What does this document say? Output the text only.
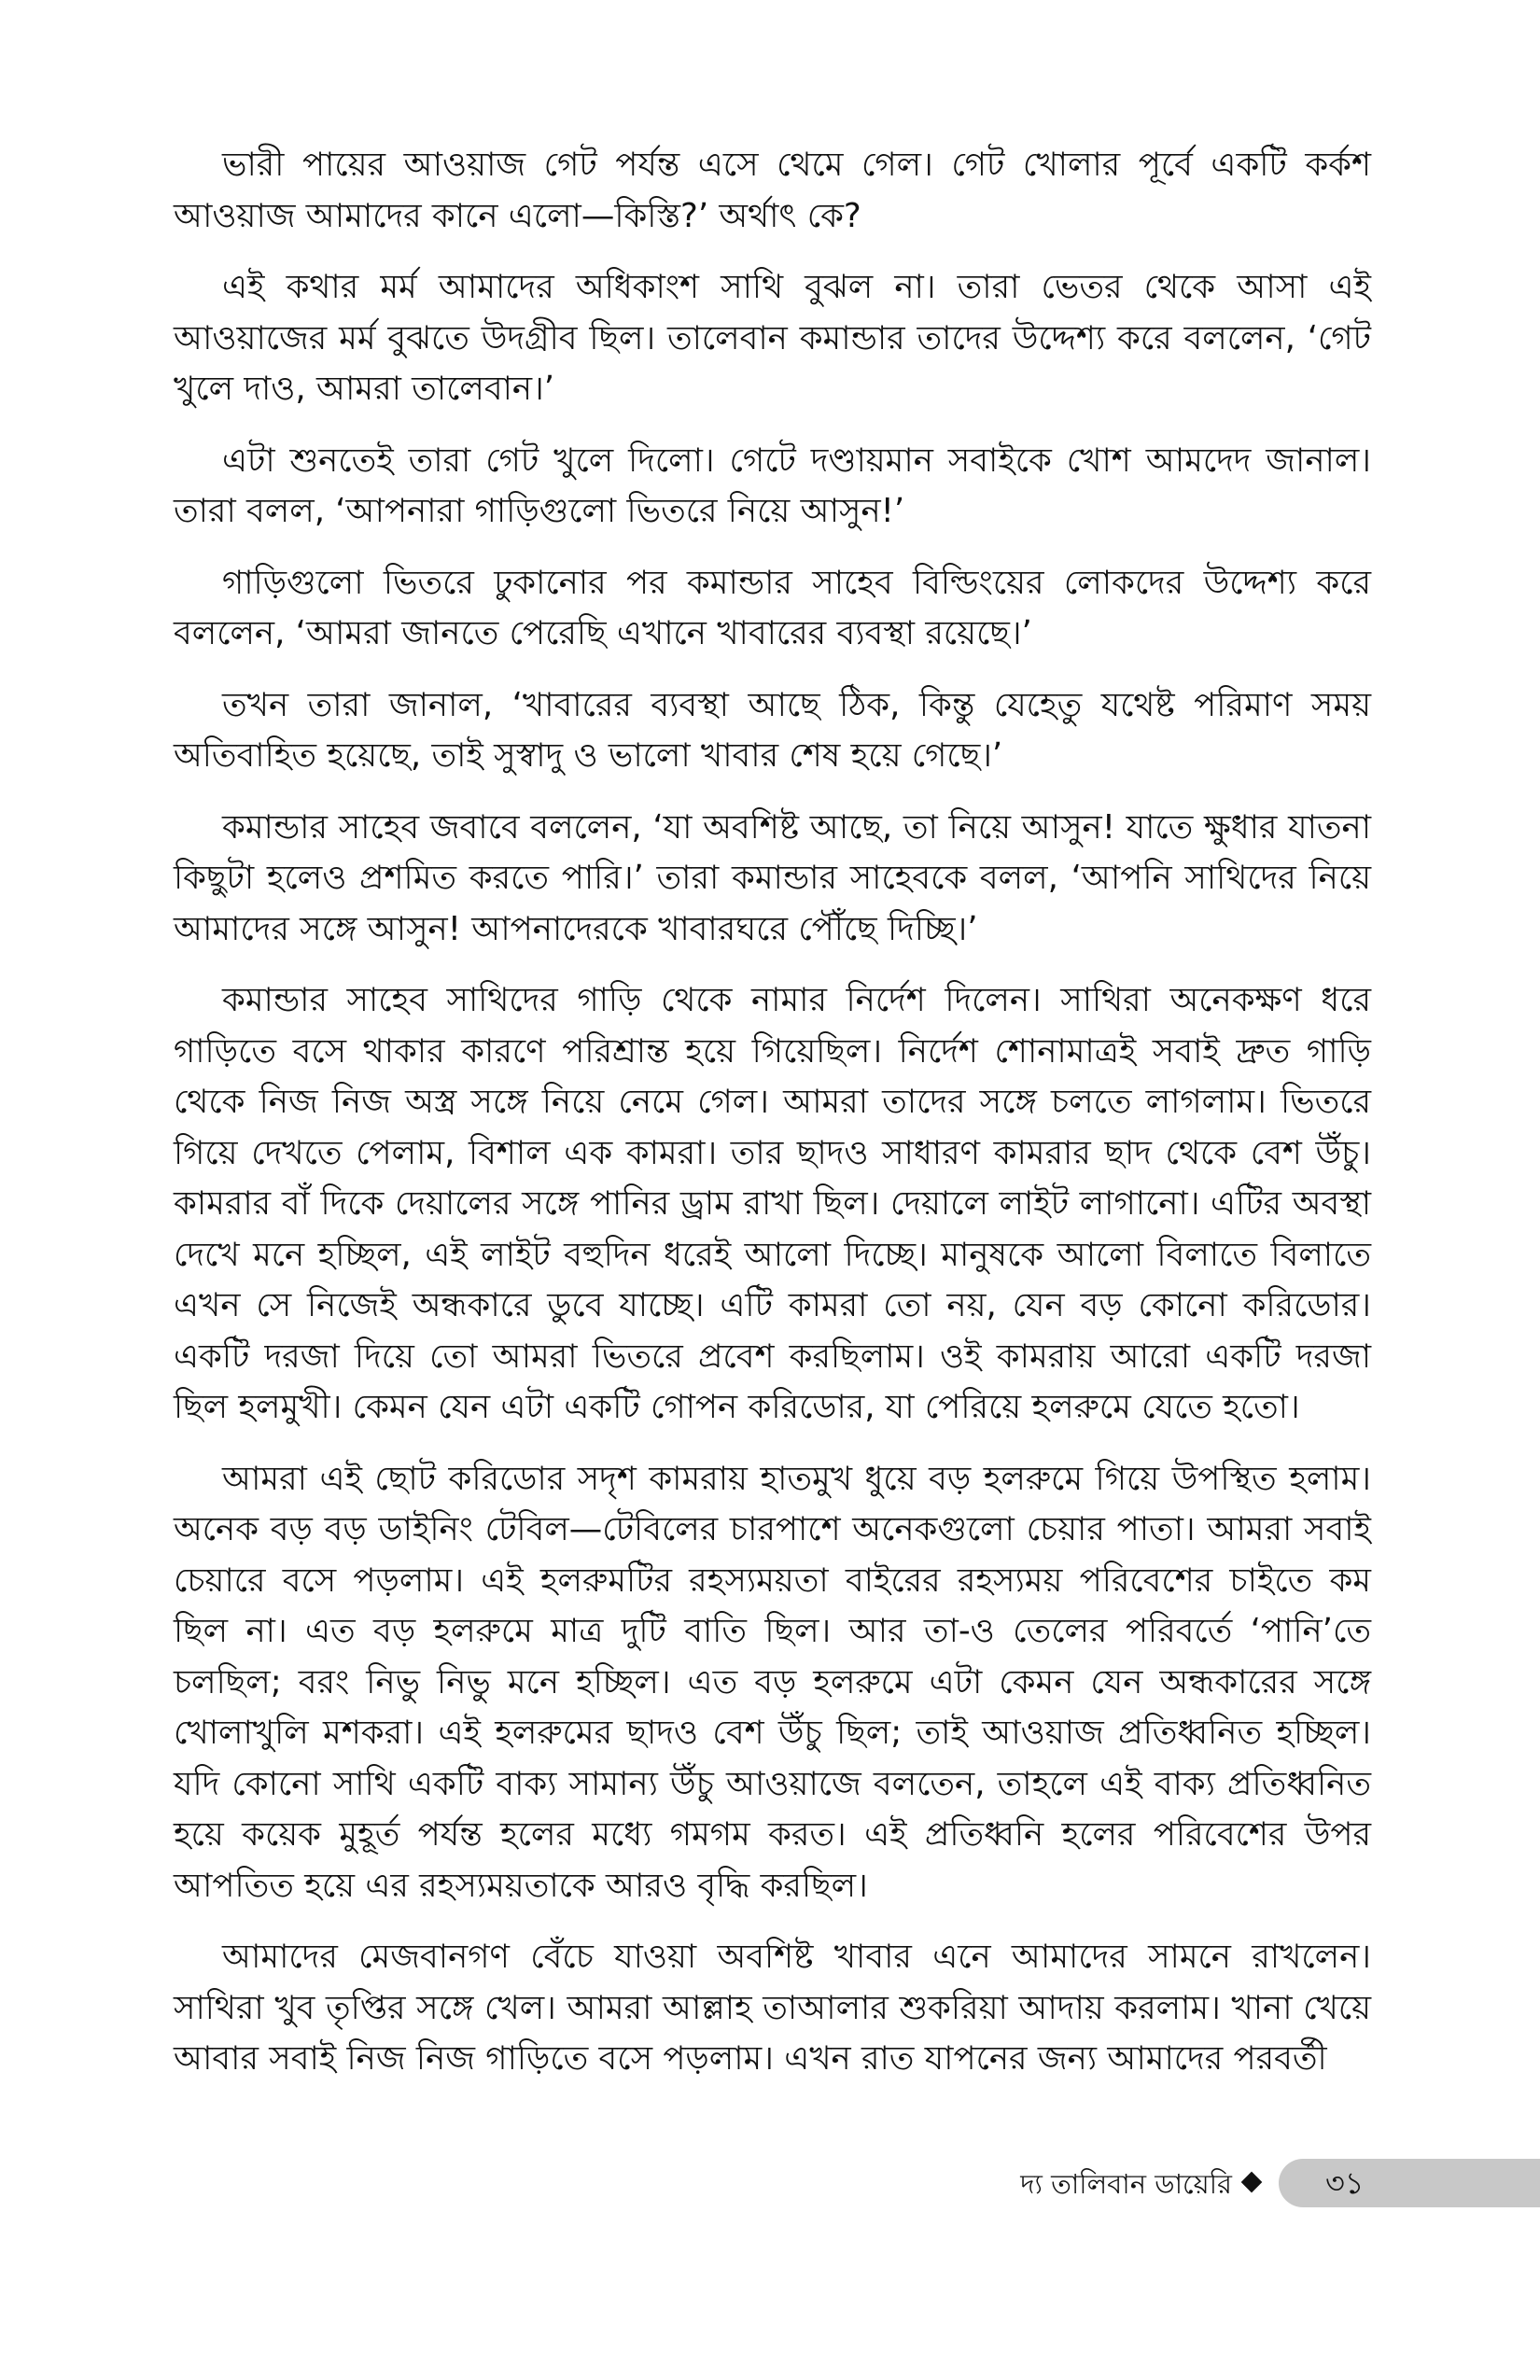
ভারী পায়ের আওয়াজ গেট পর্যন্ত এসে থেমে গেল। গেট খোলার পূর্বে একটি কর্কশ আওয়াজ আমাদের কানে এলো—কিস্তি?’ অর্থাৎ কে?

এই কথার মর্ম আমাদের অধিকাংশ সাথি বুঝল না। তারা ভেতর থেকে আসা এই আওয়াজের মর্ম বুঝতে উদগ্রীব ছিল। তালেবান কমান্ডার তাদের উদ্দেশ্য করে বললেন, ‘গেট খুলে দাও, আমরা তালেবান।’

এটা শুনতেই তারা গেট খুলে দিলো। গেটে দণ্ডায়মান সবাইকে খোশ আমদেদ জানাল। তারা বলল, ‘আপনারা গাড়িগুলো ভিতরে নিয়ে আসুন!’

গাড়িগুলো ভিতরে ঢুকানোর পর কমান্ডার সাহেব বিল্ডিংয়ের লোকদের উদ্দেশ্য করে বললেন, ‘আমরা জানতে পেরেছি এখানে খাবারের ব্যবস্থা রয়েছে।’

তখন তারা জানাল, ‘খাবারের ব্যবস্থা আছে ঠিক, কিন্তু যেহেতু যথেষ্ট পরিমাণ সময় অতিবাহিত হয়েছে, তাই সুস্বাদু ও ভালো খাবার শেষ হয়ে গেছে।’

কমান্ডার সাহেব জবাবে বললেন, ‘যা অবশিষ্ট আছে, তা নিয়ে আসুন! যাতে ক্ষুধার যাতনা কিছুটা হলেও প্রশমিত করতে পারি।’ তারা কমান্ডার সাহেবকে বলল, ‘আপনি সাথিদের নিয়ে আমাদের সঙ্গে আসুন! আপনাদেরকে খাবারঘরে পৌঁছে দিচ্ছি।’

কমান্ডার সাহেব সাথিদের গাড়ি থেকে নামার নির্দেশ দিলেন। সাথিরা অনেকক্ষণ ধরে গাড়িতে বসে থাকার কারণে পরিশ্রান্ত হয়ে গিয়েছিল। নির্দেশ শোনামাত্রই সবাই দ্রুত গাড়ি থেকে নিজ নিজ অস্ত্র সঙ্গে নিয়ে নেমে গেল। আমরা তাদের সঙ্গে চলতে লাগলাম। ভিতরে গিয়ে দেখতে পেলাম, বিশাল এক কামরা। তার ছাদও সাধারণ কামরার ছাদ থেকে বেশ উঁচু। কামরার বাঁ দিকে দেয়ালের সঙ্গে পানির ড্রাম রাখা ছিল। দেয়ালে লাইট লাগানো। এটির অবস্থা দেখে মনে হচ্ছিল, এই লাইট বহুদিন ধরেই আলো দিচ্ছে। মানুষকে আলো বিলাতে বিলাতে এখন সে নিজেই অন্ধকারে ডুবে যাচ্ছে। এটি কামরা তো নয়, যেন বড় কোনো করিডোর। একটি দরজা দিয়ে তো আমরা ভিতরে প্রবেশ করছিলাম। ওই কামরায় আরো একটি দরজা ছিল হলমুখী। কেমন যেন এটা একটি গোপন করিডোর, যা পেরিয়ে হলরুমে যেতে হতো।

আমরা এই ছোট করিডোর সদৃশ কামরায় হাতমুখ ধুয়ে বড় হলরুমে গিয়ে উপস্থিত হলাম। অনেক বড় বড় ডাইনিং টেবিল—টেবিলের চারপাশে অনেকগুলো চেয়ার পাতা। আমরা সবাই চেয়ারে বসে পড়লাম। এই হলরুমটির রহস্যময়তা বাইরের রহস্যময় পরিবেশের চাইতে কম ছিল না। এত বড় হলরুমে মাত্র দুটি বাতি ছিল। আর তা-ও তেলের পরিবর্তে ‘পানি’তে চলছিল; বরং নিভু নিভু মনে হচ্ছিল। এত বড় হলরুমে এটা কেমন যেন অন্ধকারের সঙ্গে খোলাখুলি মশকরা। এই হলরুমের ছাদও বেশ উঁচু ছিল; তাই আওয়াজ প্রতিধ্বনিত হচ্ছিল। যদি কোনো সাথি একটি বাক্য সামান্য উঁচু আওয়াজে বলতেন, তাহলে এই বাক্য প্রতিধ্বনিত হয়ে কয়েক মুহূর্ত পর্যন্ত হলের মধ্যে গমগম করত। এই প্রতিধ্বনি হলের পরিবেশের উপর আপতিত হয়ে এর রহস্যময়তাকে আরও বৃদ্ধি করছিল।

আমাদের মেজবানগণ বেঁচে যাওয়া অবশিষ্ট খাবার এনে আমাদের সামনে রাখলেন। সাথিরা খুব তৃপ্তির সঙ্গে খেল। আমরা আল্লাহ তাআলার শুকরিয়া আদায় করলাম। খানা খেয়ে আবার সবাই নিজ নিজ গাড়িতে বসে পড়লাম। এখন রাত যাপনের জন্য আমাদের পরবর্তী

দ্য তালিবান ডায়েরি	৩১
